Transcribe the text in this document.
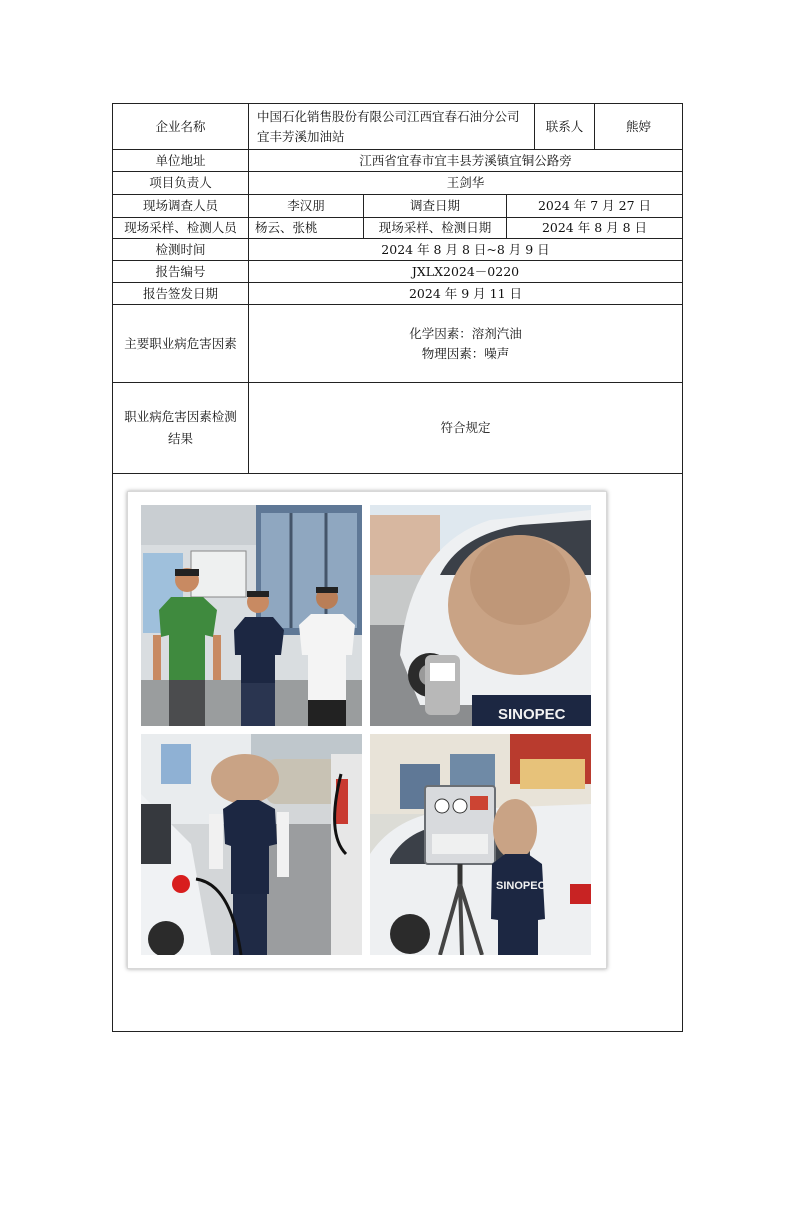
企业名称	中国石化销售股份有限公司江西宜春石油分公司宜丰芳溪加油站			联系人	熊婷
单位地址	江西省宜春市宜丰县芳溪镇宜铜公路旁				
项目负责人	王剑华				
现场调查人员	李汉朋	调查日期	2024 年 7 月 27 日		
现场采样、检测人员	杨云、张桃	现场采样、检测日期	2024 年 8 月 8 日		
检测时间	2024 年 8 月 8 日~8 月 9 日				
报告编号	JXLX2024－0220				
报告签发日期	2024 年 9 月 11 日				
主要职业病危害因素	化学因素：溶剂汽油
物理因素：噪声				

职业病危害因素检测结果	符合规定				

SINOPEC
SINOPEC					
